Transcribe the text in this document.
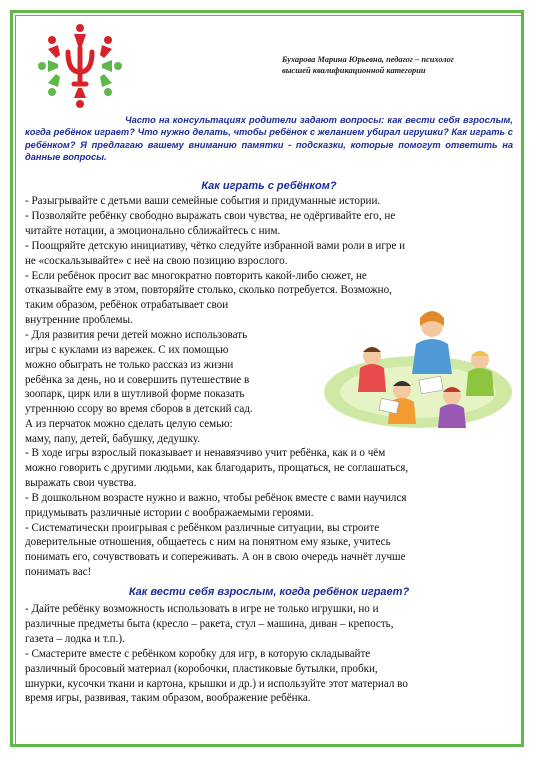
Бухарова Марина Юрьевна, педагог – психолог
высшей квалификационной категории
Часто на консультациях родители задают вопросы: как вести себя взрослым, когда ребёнок играет? Что нужно делать, чтобы ребёнок с желанием убирал игрушки? Как играть с ребёнком? Я предлагаю вашему вниманию памятки - подсказки, которые помогут ответить на данные вопросы.
Как играть с ребёнком?
- Разыгрывайте с детьми ваши семейные события и придуманные истории.
- Позволяйте ребёнку свободно выражать свои чувства, не одёргивайте его, не
читайте нотации, а эмоционально сближайтесь с ним.
- Поощряйте детскую инициативу, чётко следуйте избранной вами роли в игре и
не «соскальзывайте» с неё на свою позицию взрослого.
- Если ребёнок просит вас многократно повторить какой-либо сюжет, не
отказывайте ему в этом, повторяйте столько, сколько потребуется. Возможно,
таким образом, ребёнок отрабатывает свои
внутренние проблемы.
- Для развития речи детей можно использовать
игры с куклами из варежек. С их помощью
можно обыграть не только рассказ из жизни
ребёнка за день, но и совершить путешествие в
зоопарк, цирк или в шутливой форме показать
утреннюю ссору во время сборов в детский сад.
А из перчаток можно сделать целую семью:
маму, папу, детей, бабушку, дедушку.
- В ходе игры взрослый показывает и ненавязчиво учит ребёнка, как и о чём
можно говорить с другими людьми, как благодарить, прощаться, не соглашаться,
выражать свои чувства.
- В дошкольном возрасте нужно и важно, чтобы ребёнок вместе с вами научился
придумывать различные истории с воображаемыми героями.
- Систематически проигрывая с ребёнком различные ситуации, вы строите
доверительные отношения, общаетесь с ним на понятном ему языке, учитесь
понимать его, сочувствовать и сопереживать. А он в свою очередь начнёт лучше
понимать вас!
Как вести себя взрослым, когда ребёнок играет?
- Дайте ребёнку возможность использовать в игре не только игрушки, но и
различные предметы быта (кресло – ракета, стул – машина, диван – крепость,
газета – лодка и т.п.).
- Смастерите вместе с ребёнком коробку для игр, в которую складывайте
различный бросовый материал (коробочки, пластиковые бутылки, пробки,
шнурки, кусочки ткани и картона, крышки и др.) и используйте этот материал во
время игры, развивая, таким образом, воображение ребёнка.
